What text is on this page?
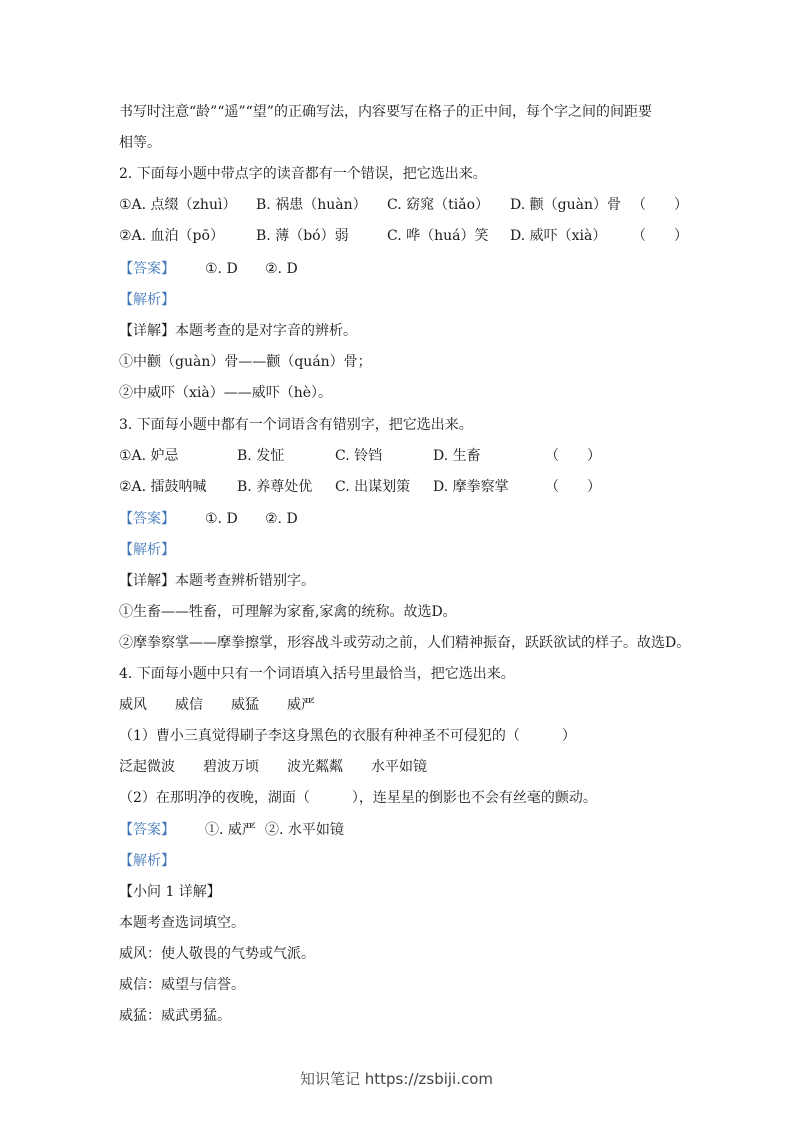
书写时注意“龄”“遥”“望”的正确写法，内容要写在格子的正中间，每个字之间的间距要
相等。
2. 下面每小题中带点字的读音都有一个错误，把它选出来。
①A. 点缀（zhuì） B. 祸患（huàn） C. 窈窕（tiǎo） D. 颧（guàn）骨 （　　）
②A. 血泊（pō） B. 薄（bó）弱	C. 哗（huá）笑 D. 威吓（xià） （　　）
【答案】 ①. D ②. D
【解析】
【详解】本题考查的是对字音的辨析。
①中颧（guàn）骨——颧（quán）骨；
②中威吓（xià）——威吓（hè）。
3. 下面每小题中都有一个词语含有错别字，把它选出来。
①A. 妒忌	B. 发怔	C. 铃铛	D. 生畜	（　　）
②A. 擂鼓呐喊 B. 养尊处优 C. 出谋划策 D. 摩拳察掌	（　　）
【答案】 ①. D ②. D
【解析】
【详解】本题考查辨析错别字。
①生畜——牲畜，可理解为家畜,家禽的统称。故选D。
②摩拳察掌——摩拳擦掌，形容战斗或劳动之前，人们精神振奋，跃跃欲试的样子。故选D。
4. 下面每小题中只有一个词语填入括号里最恰当，把它选出来。
威风 威信 威猛 威严
（1）曹小三真觉得刷子李这身黑色的衣服有种神圣不可侵犯的（　　　）
泛起微波 碧波万顷 波光粼粼 水平如镜
（2）在那明净的夜晚，湖面（　　　），连星星的倒影也不会有丝毫的颤动。
【答案】 ①. 威严 ②. 水平如镜
【解析】
【小问 1 详解】
本题考查选词填空。
威风：使人敬畏的气势或气派。
威信：威望与信誉。
威猛：威武勇猛。
知识笔记 https://zsbiji.com
